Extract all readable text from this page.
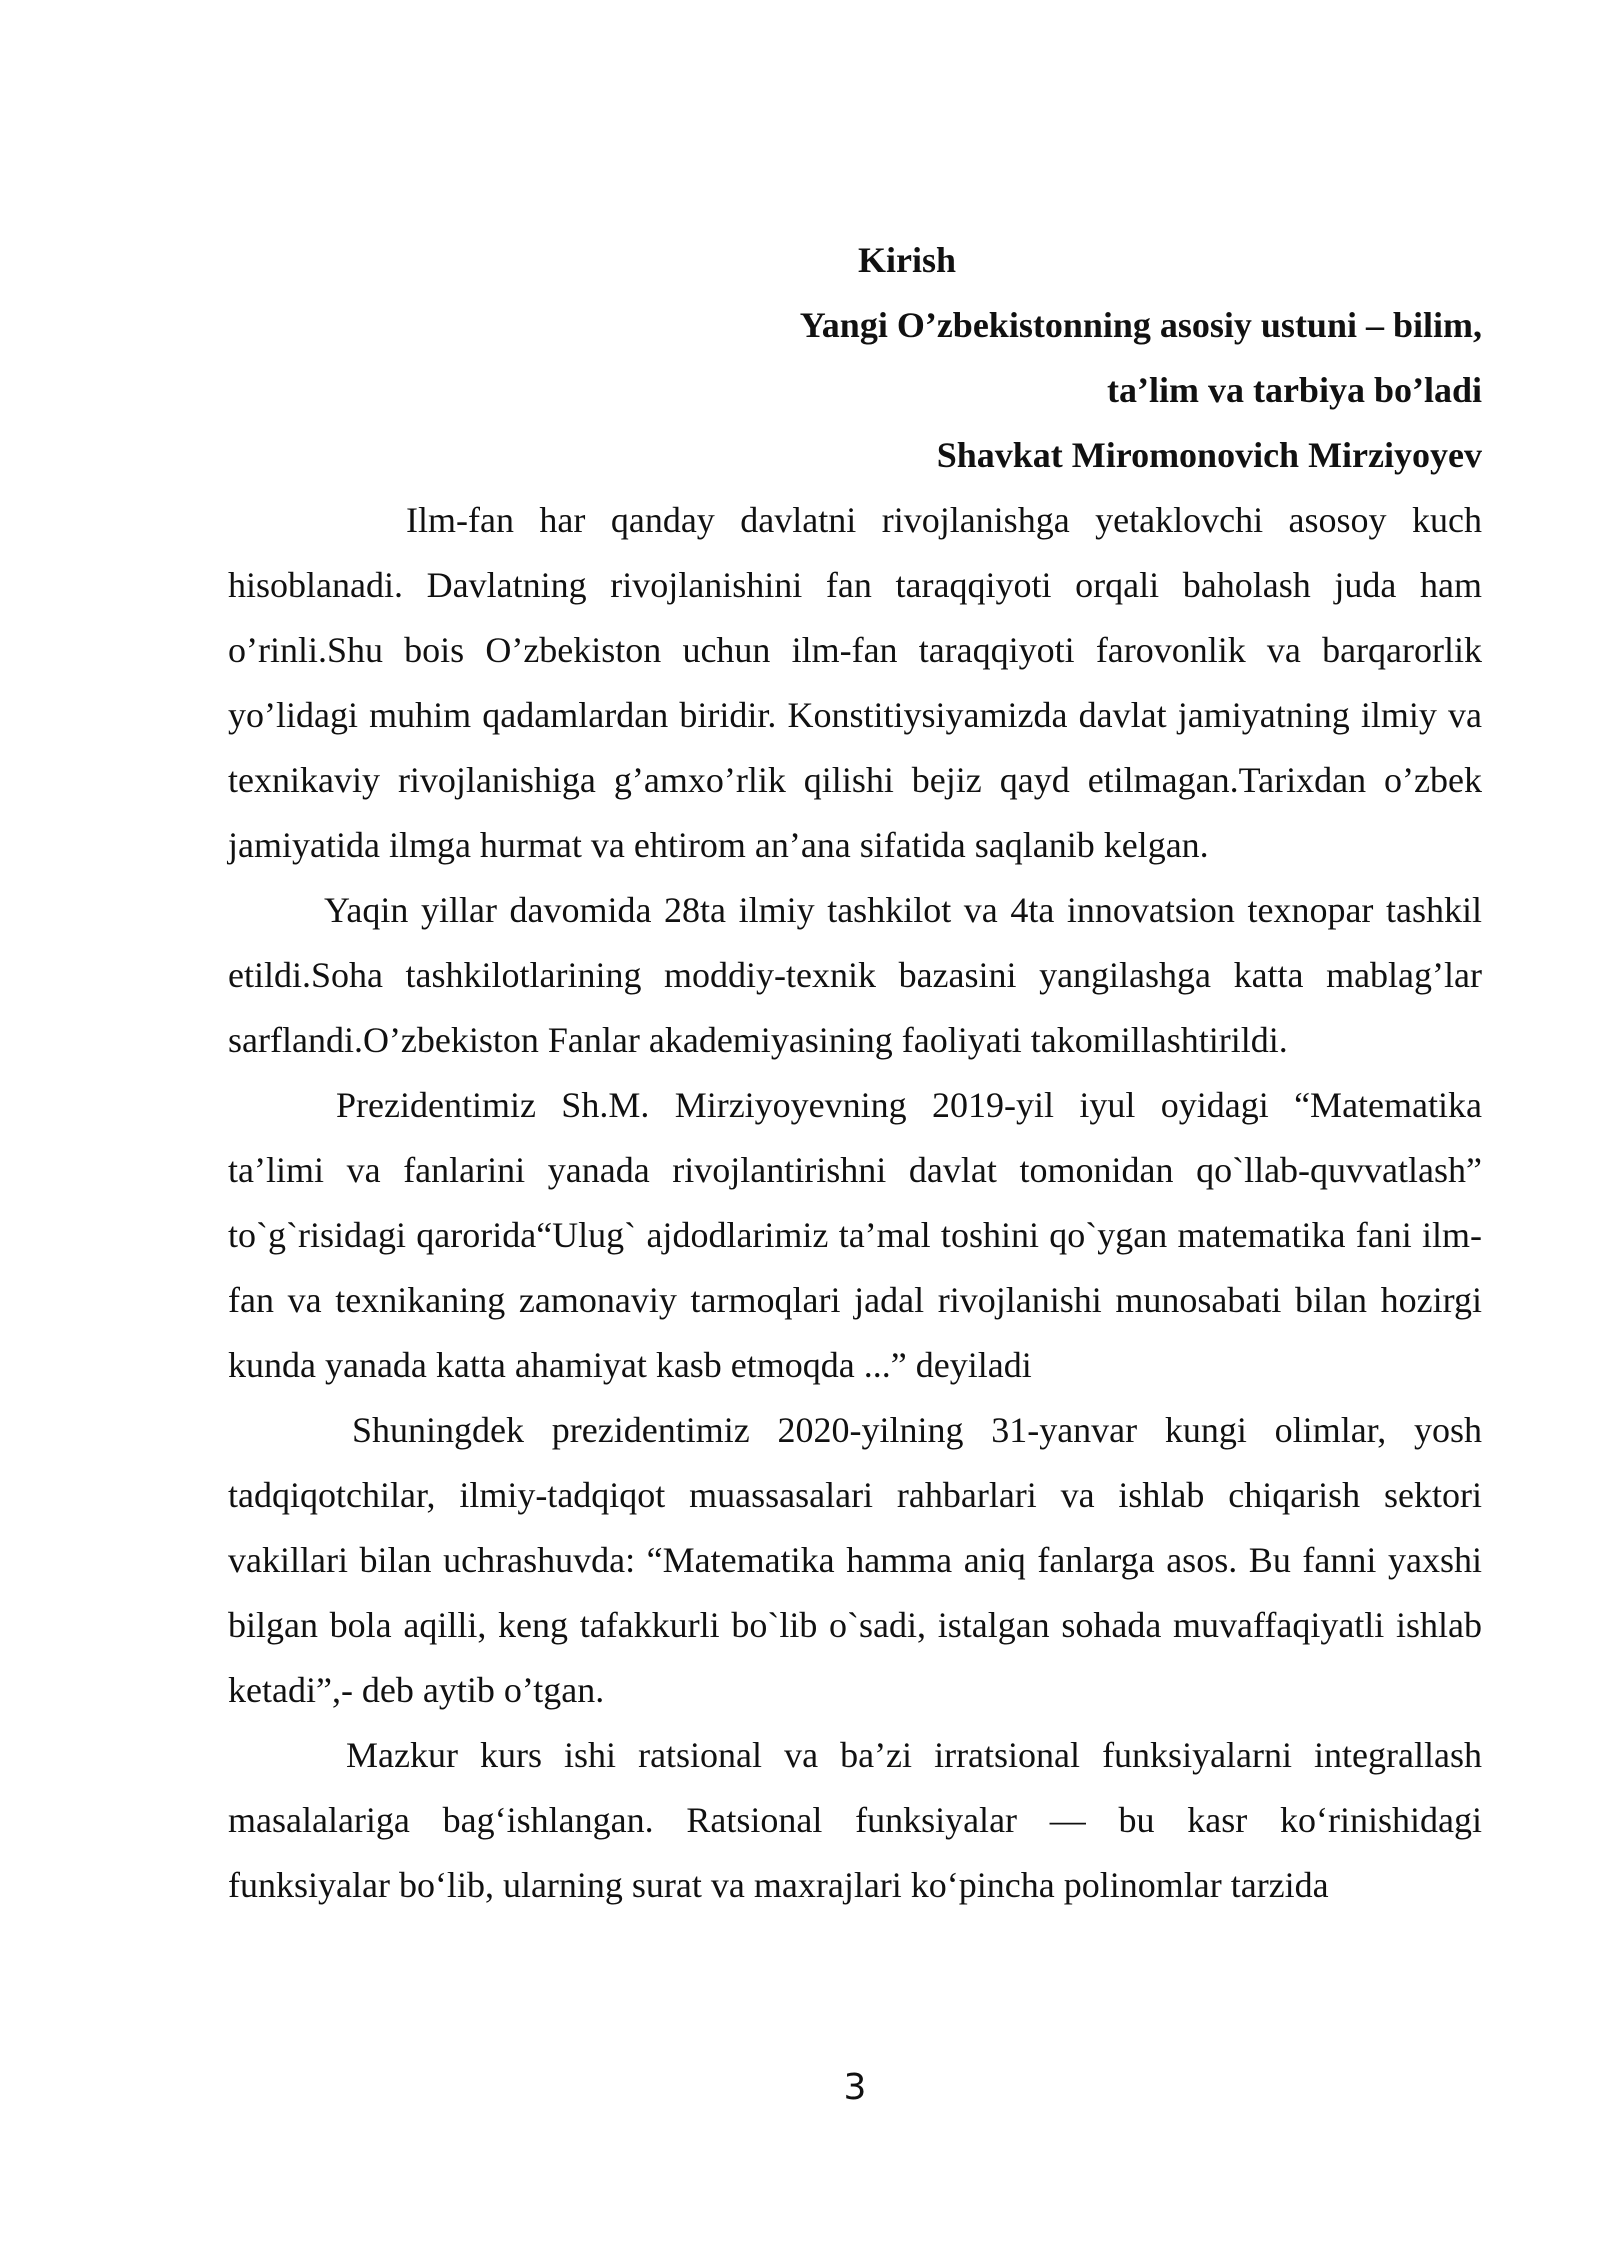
Kirish

Yangi O’zbekistonning asosiy ustuni – bilim,

ta’lim va tarbiya bo’ladi

Shavkat Miromonovich Mirziyoyev

Ilm-fan har qanday davlatni rivojlanishga yetaklovchi asosoy kuch hisoblanadi. Davlatning rivojlanishini fan taraqqiyoti orqali baholash juda ham o’rinli.Shu bois O’zbekiston uchun ilm-fan taraqqiyoti farovonlik va barqarorlik yo’lidagi muhim qadamlardan biridir. Konstitiysiyamizda davlat jamiyatning ilmiy va texnikaviy rivojlanishiga g’amxo’rlik qilishi bejiz qayd etilmagan.Tarixdan o’zbek jamiyatida ilmga hurmat va ehtirom an’ana sifatida saqlanib kelgan.

Yaqin yillar davomida 28ta ilmiy tashkilot va 4ta innovatsion texnopar tashkil etildi.Soha tashkilotlarining moddiy-texnik bazasini yangilashga katta mablag’lar sarflandi.O’zbekiston Fanlar akademiyasining faoliyati takomillashtirildi.

Prezidentimiz Sh.M. Mirziyoyevning 2019-yil iyul oyidagi “Matematika ta’limi va fanlarini yanada rivojlantirishni davlat tomonidan qo`llab-quvvatlash” to`g`risidagi qarorida“Ulug` ajdodlarimiz ta’mal toshini qo`ygan matematika fani ilm-fan va texnikaning zamonaviy tarmoqlari jadal rivojlanishi munosabati bilan hozirgi kunda yanada katta ahamiyat kasb etmoqda ...” deyiladi

Shuningdek prezidentimiz 2020-yilning 31-yanvar kungi olimlar, yosh tadqiqotchilar, ilmiy-tadqiqot muassasalari rahbarlari va ishlab chiqarish sektori vakillari bilan uchrashuvda: “Matematika hamma aniq fanlarga asos. Bu fanni yaxshi bilgan bola aqilli, keng tafakkurli bo`lib o`sadi, istalgan sohada muvaffaqiyatli ishlab ketadi”,- deb aytib o’tgan.

Mazkur kurs ishi ratsional va ba’zi irratsional funksiyalarni integrallash masalalariga bag‘ishlangan. Ratsional funksiyalar — bu kasr ko‘rinishidagi funksiyalar bo‘lib, ularning surat va maxrajlari ko‘pincha polinomlar tarzida

3
